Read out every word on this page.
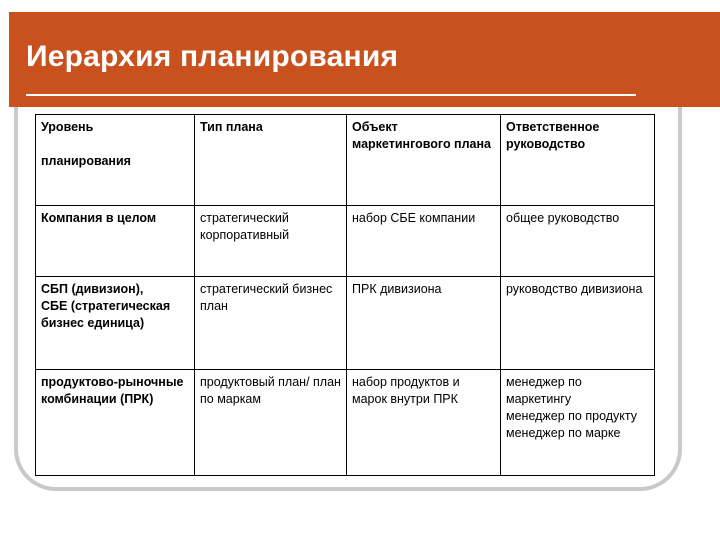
Иерархия планирования
Уровень

планирования	Тип плана	Объект маркетингового плана	Ответственное руководство
Компания в целом	стратегический корпоративный	набор СБЕ компании	общее руководство
СБП (дивизион),
СБЕ (стратегическая бизнес единица)	стратегический бизнес план	ПРК дивизиона	руководство дивизиона
продуктово-рыночные комбинации (ПРК)	продуктовый план/ план по маркам	набор продуктов и марок внутри ПРК	менеджер по маркетингу
менеджер по продукту
менеджер по марке
